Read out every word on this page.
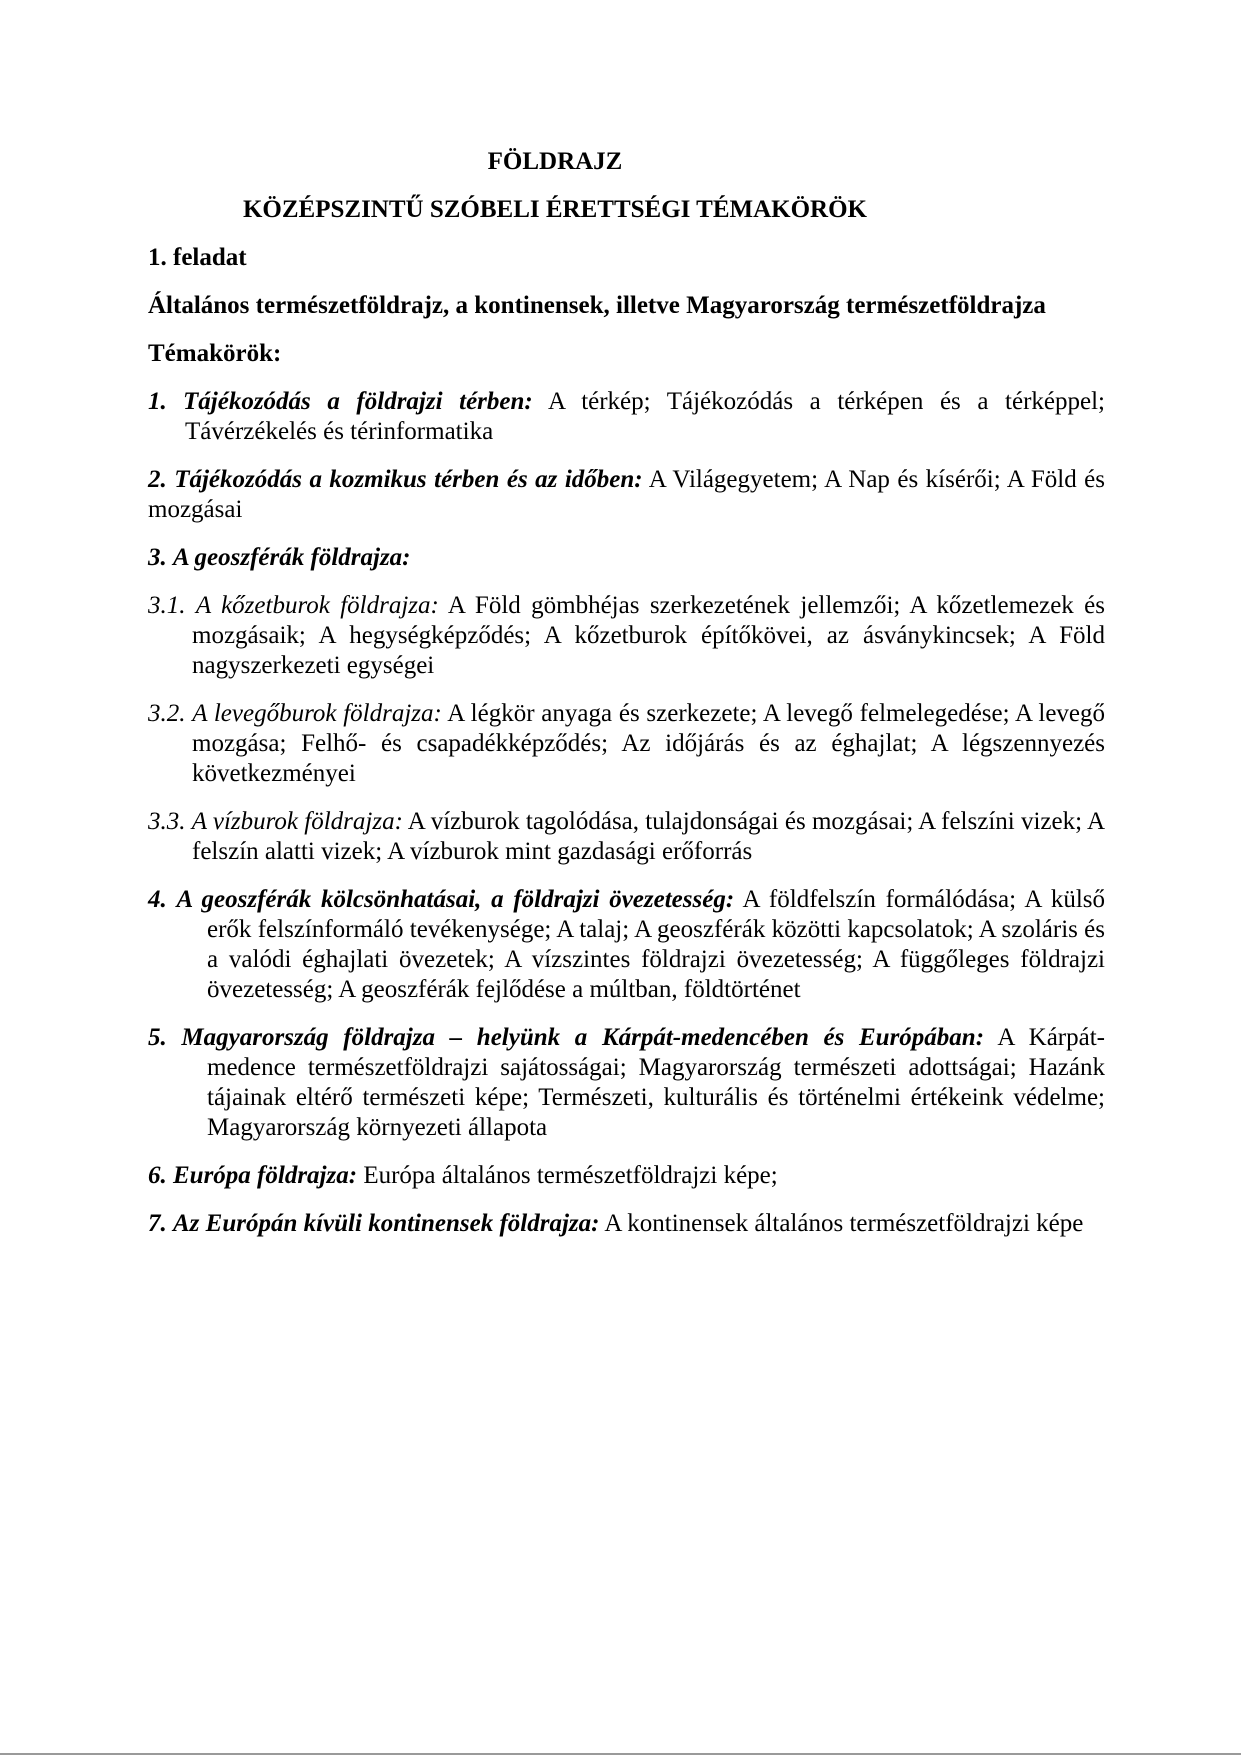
FÖLDRAJZ

KÖZÉPSZINTŰ SZÓBELI ÉRETTSÉGI TÉMAKÖRÖK

1. feladat

Általános természetföldrajz, a kontinensek, illetve Magyarország természetföldrajza

Témakörök:

1. Tájékozódás a földrajzi térben: A térkép; Tájékozódás a térképen és a térképpel; Távérzékelés és térinformatika

2. Tájékozódás a kozmikus térben és az időben: A Világegyetem; A Nap és kísérői; A Föld és mozgásai

3. A geoszférák földrajza:

3.1. A kőzetburok földrajza: A Föld gömbhéjas szerkezetének jellemzői; A kőzetlemezek és mozgásaik; A hegységképződés; A kőzetburok építőkövei, az ásványkincsek; A Föld nagyszerkezeti egységei

3.2. A levegőburok földrajza: A légkör anyaga és szerkezete; A levegő felmelegedése; A levegő mozgása; Felhő- és csapadékképződés; Az időjárás és az éghajlat; A légszennyezés következményei

3.3. A vízburok földrajza: A vízburok tagolódása, tulajdonságai és mozgásai; A felszíni vizek; A felszín alatti vizek; A vízburok mint gazdasági erőforrás

4. A geoszférák kölcsönhatásai, a földrajzi övezetesség: A földfelszín formálódása; A külső erők felszínformáló tevékenysége; A talaj; A geoszférák közötti kapcsolatok; A szoláris és a valódi éghajlati övezetek; A vízszintes földrajzi övezetesség; A függőleges földrajzi övezetesség; A geoszférák fejlődése a múltban, földtörténet

5. Magyarország földrajza – helyünk a Kárpát-medencében és Európában: A Kárpát-medence természetföldrajzi sajátosságai; Magyarország természeti adottságai; Hazánk tájainak eltérő természeti képe; Természeti, kulturális és történelmi értékeink védelme; Magyarország környezeti állapota

6. Európa földrajza: Európa általános természetföldrajzi képe;

7. Az Európán kívüli kontinensek földrajza: A kontinensek általános természetföldrajzi képe
